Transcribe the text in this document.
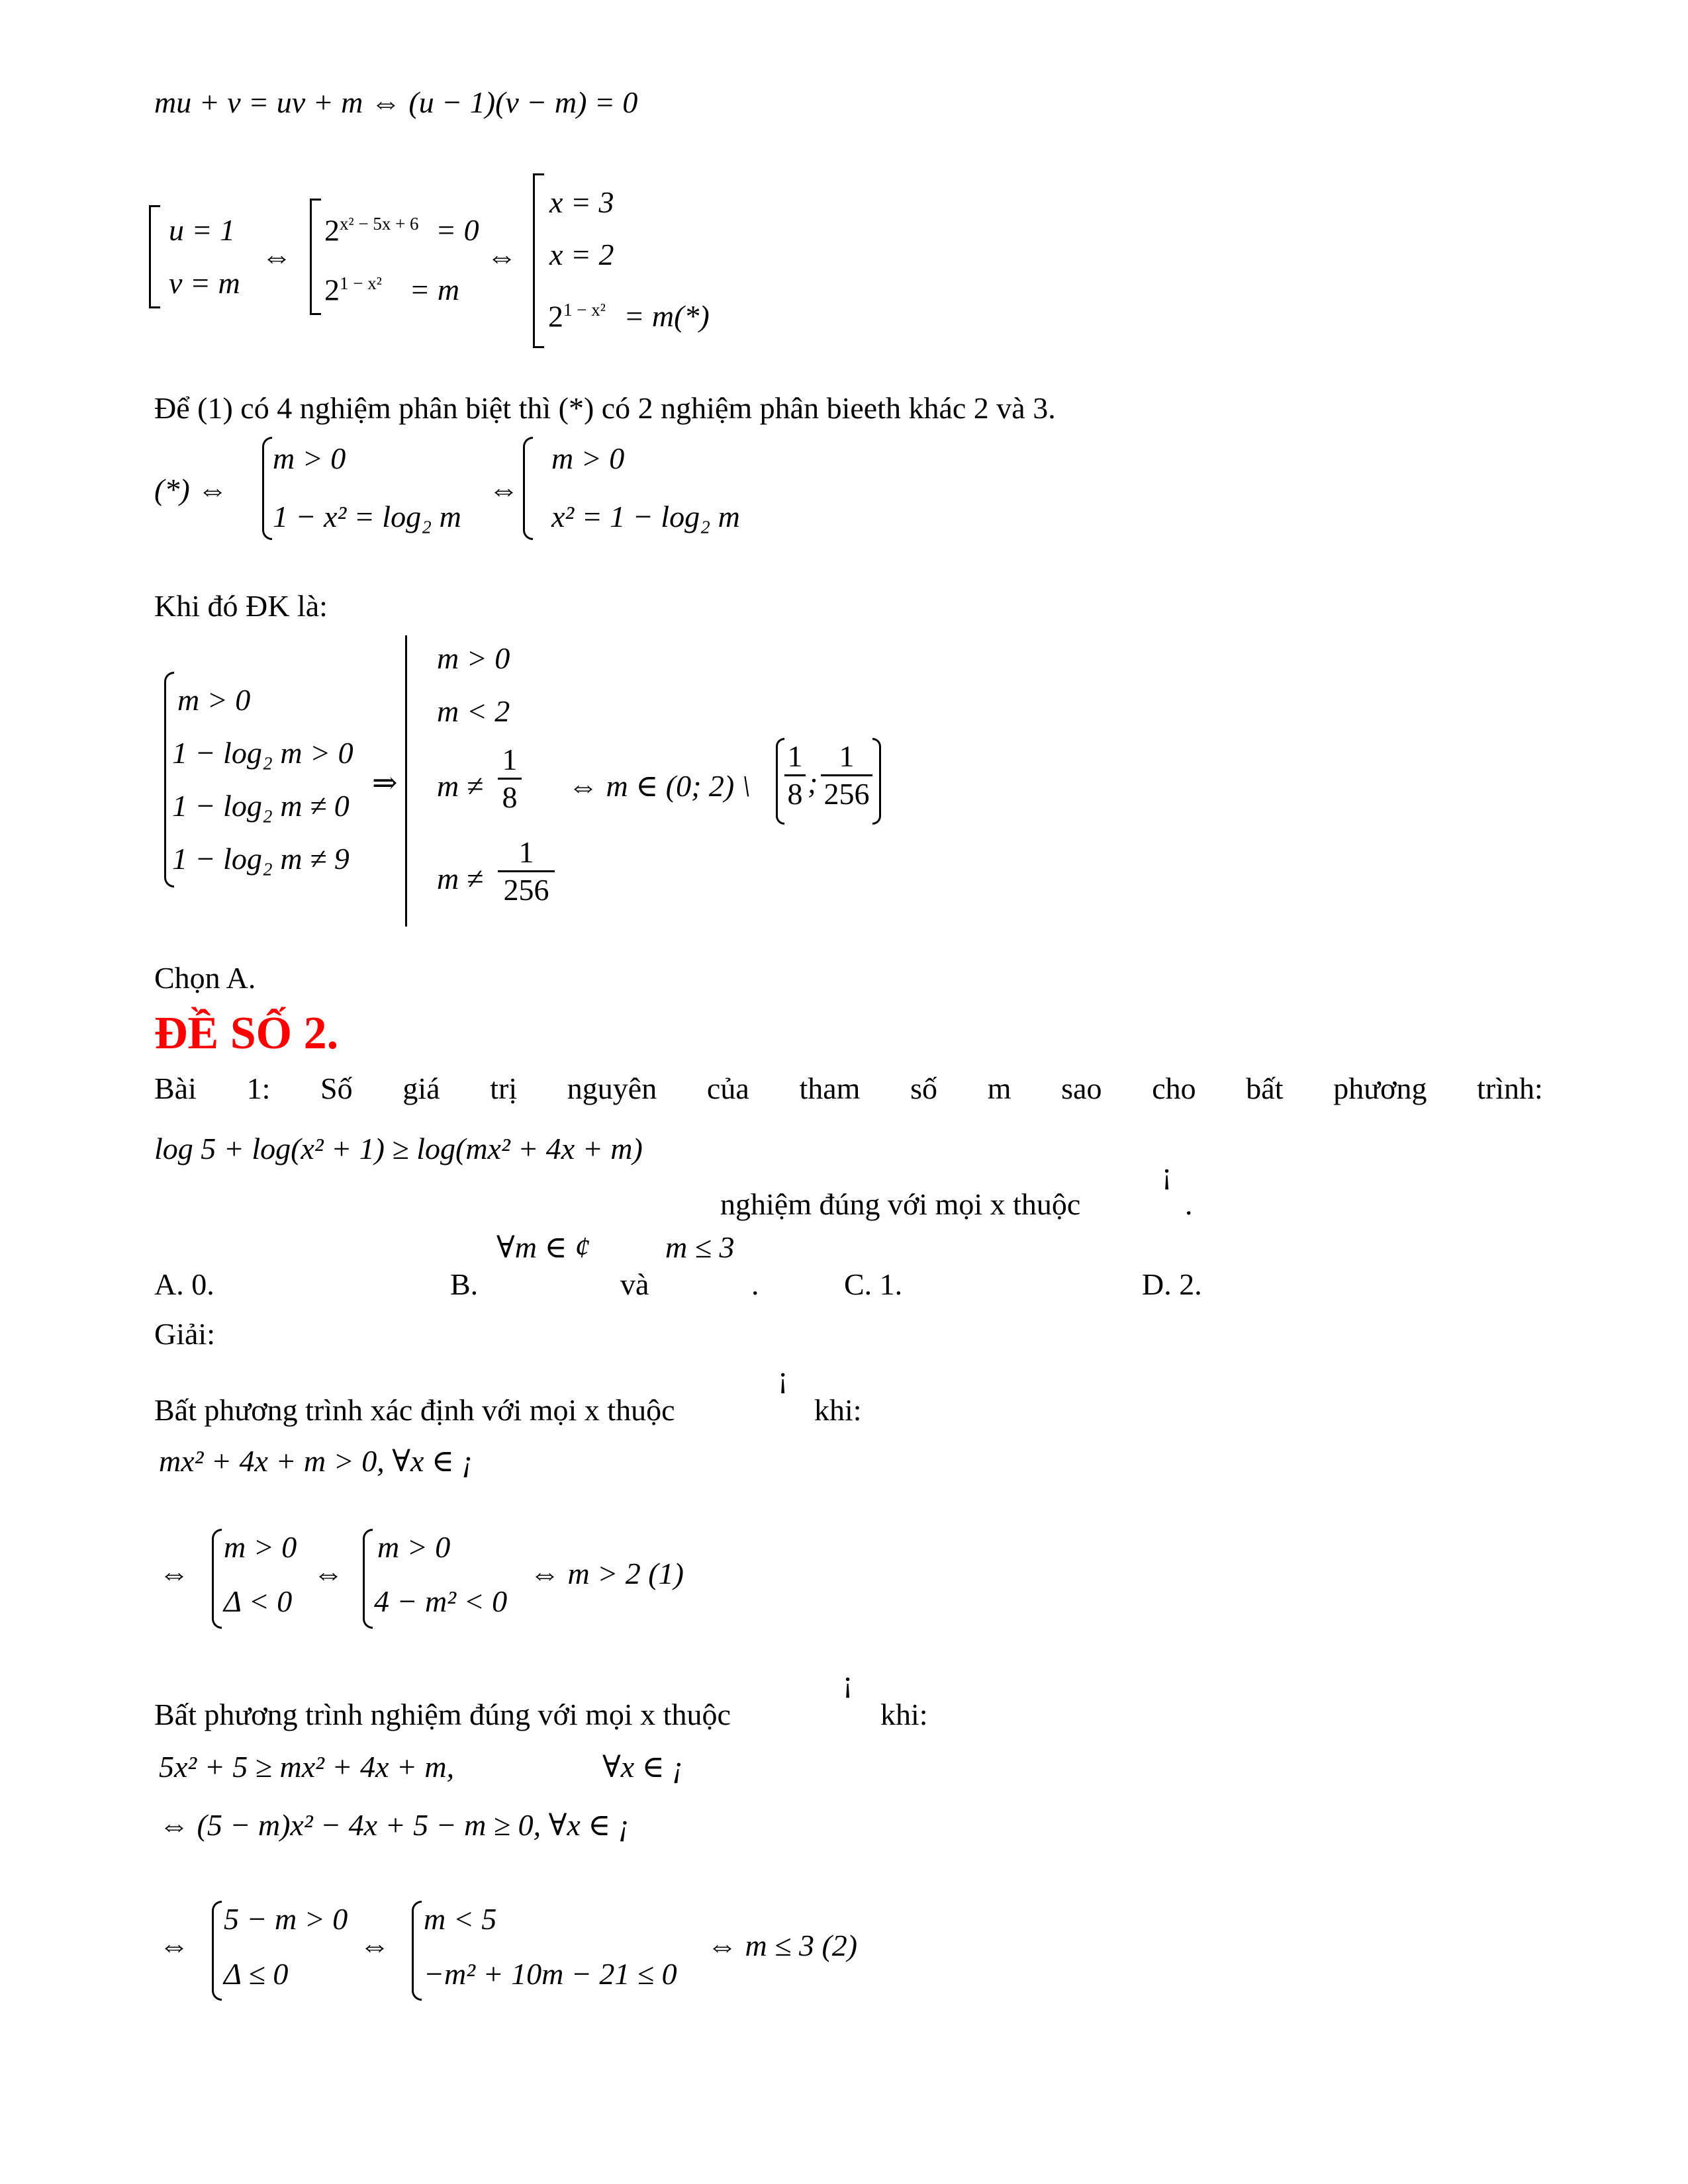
mu + v = uv + m ⇔ (u − 1)(v − m) = 0
u = 1
v = m
⇔
$2^{x^2 - 5x + 6} = 0$
$2^{1 - x^2} = m$
⇔
x = 3
x = 2
$2^{1 - x^2} = m(*)$
Để (1) có 4 nghiệm phân biệt thì (*) có 2 nghiệm phân bieeth khác 2 và 3.
(*) ⇔
m > 0
1 − x² = log₂ m
⇔
m > 0
x² = 1 − log₂ m
Khi đó ĐK là:
m > 0
1 − log₂ m > 0
1 − log₂ m ≠ 0
1 − log₂ m ≠ 9
⇒
m > 0
m < 2
m ≠
1
8
m ≠
1
256
⇔ m ∈ (0; 2) \
1
8 ;
1
256
Chọn A.
ĐỀ SỐ 2.
Bài 1: Số giá trị nguyên của tham số m sao cho bất phương trình:
log 5 + log(x² + 1) ≥ log(mx² + 4x + m)
nghiệm đúng với mọi x thuộc
¡
.
A. 0.	B.
∀m ∈ ¢
và
m ≤ 3
.	C. 1.	D. 2.
Giải:
Bất phương trình xác định với mọi x thuộc
¡
khi:
mx² + 4x + m > 0, ∀x ∈ ¡
⇔
m > 0
Δ < 0
⇔
m > 0
4 − m² < 0
⇔ m > 2 (1)
Bất phương trình nghiệm đúng với mọi x thuộc
¡
khi:
5x² + 5 ≥ mx² + 4x + m,	∀x ∈ ¡
⇔ (5 − m)x² − 4x + 5 − m ≥ 0, ∀x ∈ ¡
⇔
5 − m > 0
Δ ≤ 0
⇔
m < 5
−m² + 10m − 21 ≤ 0
⇔ m ≤ 3 (2)
